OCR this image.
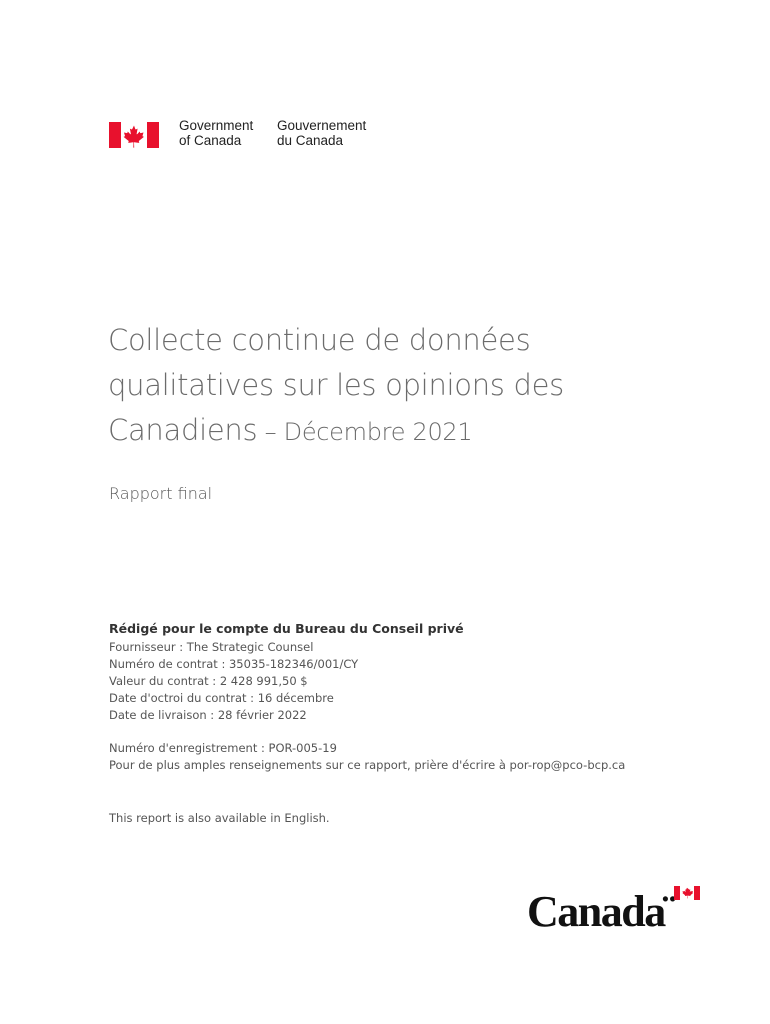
Government
of Canada
Gouvernement
du Canada
Collecte continue de données
qualitatives sur les opinions des
Canadiens – Décembre 2021
Rapport final
Rédigé pour le compte du Bureau du Conseil privé
Fournisseur : The Strategic Counsel
Numéro de contrat : 35035-182346/001/CY
Valeur du contrat : 2 428 991,50 $
Date d'octroi du contrat : 16 décembre
Date de livraison : 28 février 2022
Numéro d'enregistrement : POR-005-19
Pour de plus amples renseignements sur ce rapport, prière d'écrire à por-rop@pco-bcp.ca
This report is also available in English.
Canada
